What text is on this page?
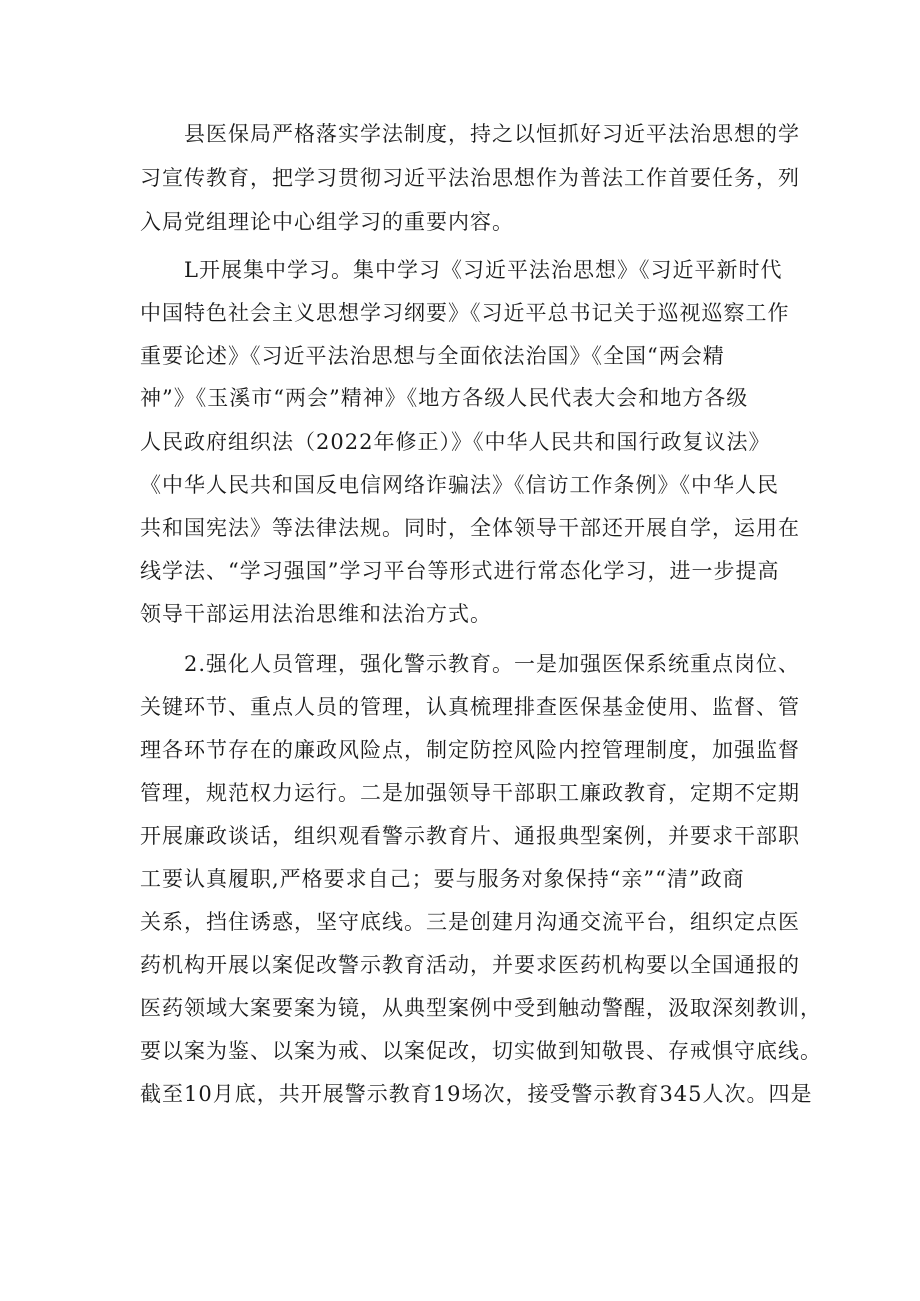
县医保局严格落实学法制度，持之以恒抓好习近平法治思想的学
习宣传教育，把学习贯彻习近平法治思想作为普法工作首要任务，列
入局党组理论中心组学习的重要内容。
L开展集中学习。集中学习《习近平法治思想》《习近平新时代
中国特色社会主义思想学习纲要》《习近平总书记关于巡视巡察工作
重要论述》《习近平法治思想与全面依法治国》《全国“两会精
神”》《玉溪市“两会”精神》《地方各级人民代表大会和地方各级
人民政府组织法（2022年修正）》《中华人民共和国行政复议法》
《中华人民共和国反电信网络诈骗法》《信访工作条例》《中华人民
共和国宪法》等法律法规。同时，全体领导干部还开展自学，运用在
线学法、“学习强国”学习平台等形式进行常态化学习，进一步提高
领导干部运用法治思维和法治方式。
2.强化人员管理，强化警示教育。一是加强医保系统重点岗位、
关键环节、重点人员的管理，认真梳理排查医保基金使用、监督、管
理各环节存在的廉政风险点，制定防控风险内控管理制度，加强监督
管理，规范权力运行。二是加强领导干部职工廉政教育，定期不定期
开展廉政谈话，组织观看警示教育片、通报典型案例，并要求干部职
工要认真履职,严格要求自己；要与服务对象保持“亲”“清”政商
关系，挡住诱惑，坚守底线。三是创建月沟通交流平台，组织定点医
药机构开展以案促改警示教育活动，并要求医药机构要以全国通报的
医药领域大案要案为镜，从典型案例中受到触动警醒，汲取深刻教训，
要以案为鉴、以案为戒、以案促改，切实做到知敬畏、存戒惧守底线。
截至10月底，共开展警示教育19场次，接受警示教育345人次。四是
